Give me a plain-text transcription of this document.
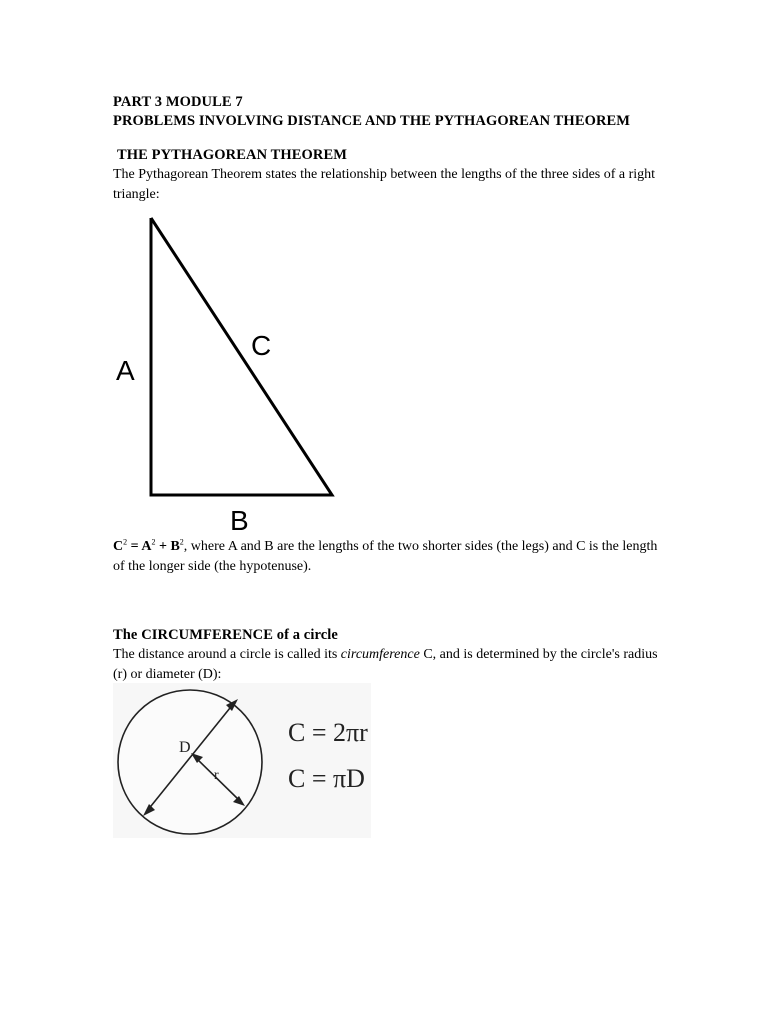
PART 3 MODULE 7
PROBLEMS INVOLVING DISTANCE AND THE PYTHAGOREAN THEOREM
THE PYTHAGOREAN THEOREM
The Pythagorean Theorem states the relationship between the lengths of the three sides of a right triangle:
A
C
B
$C^2 = A^2 + B^2$, where A and B are the lengths of the two shorter sides (the legs) and C is the length of the longer side (the hypotenuse).
The CIRCUMFERENCE of a circle
The distance around a circle is called its circumference C, and is determined by the circle's radius (r) or diameter (D):
D
r
C = 2πr
C = πD
